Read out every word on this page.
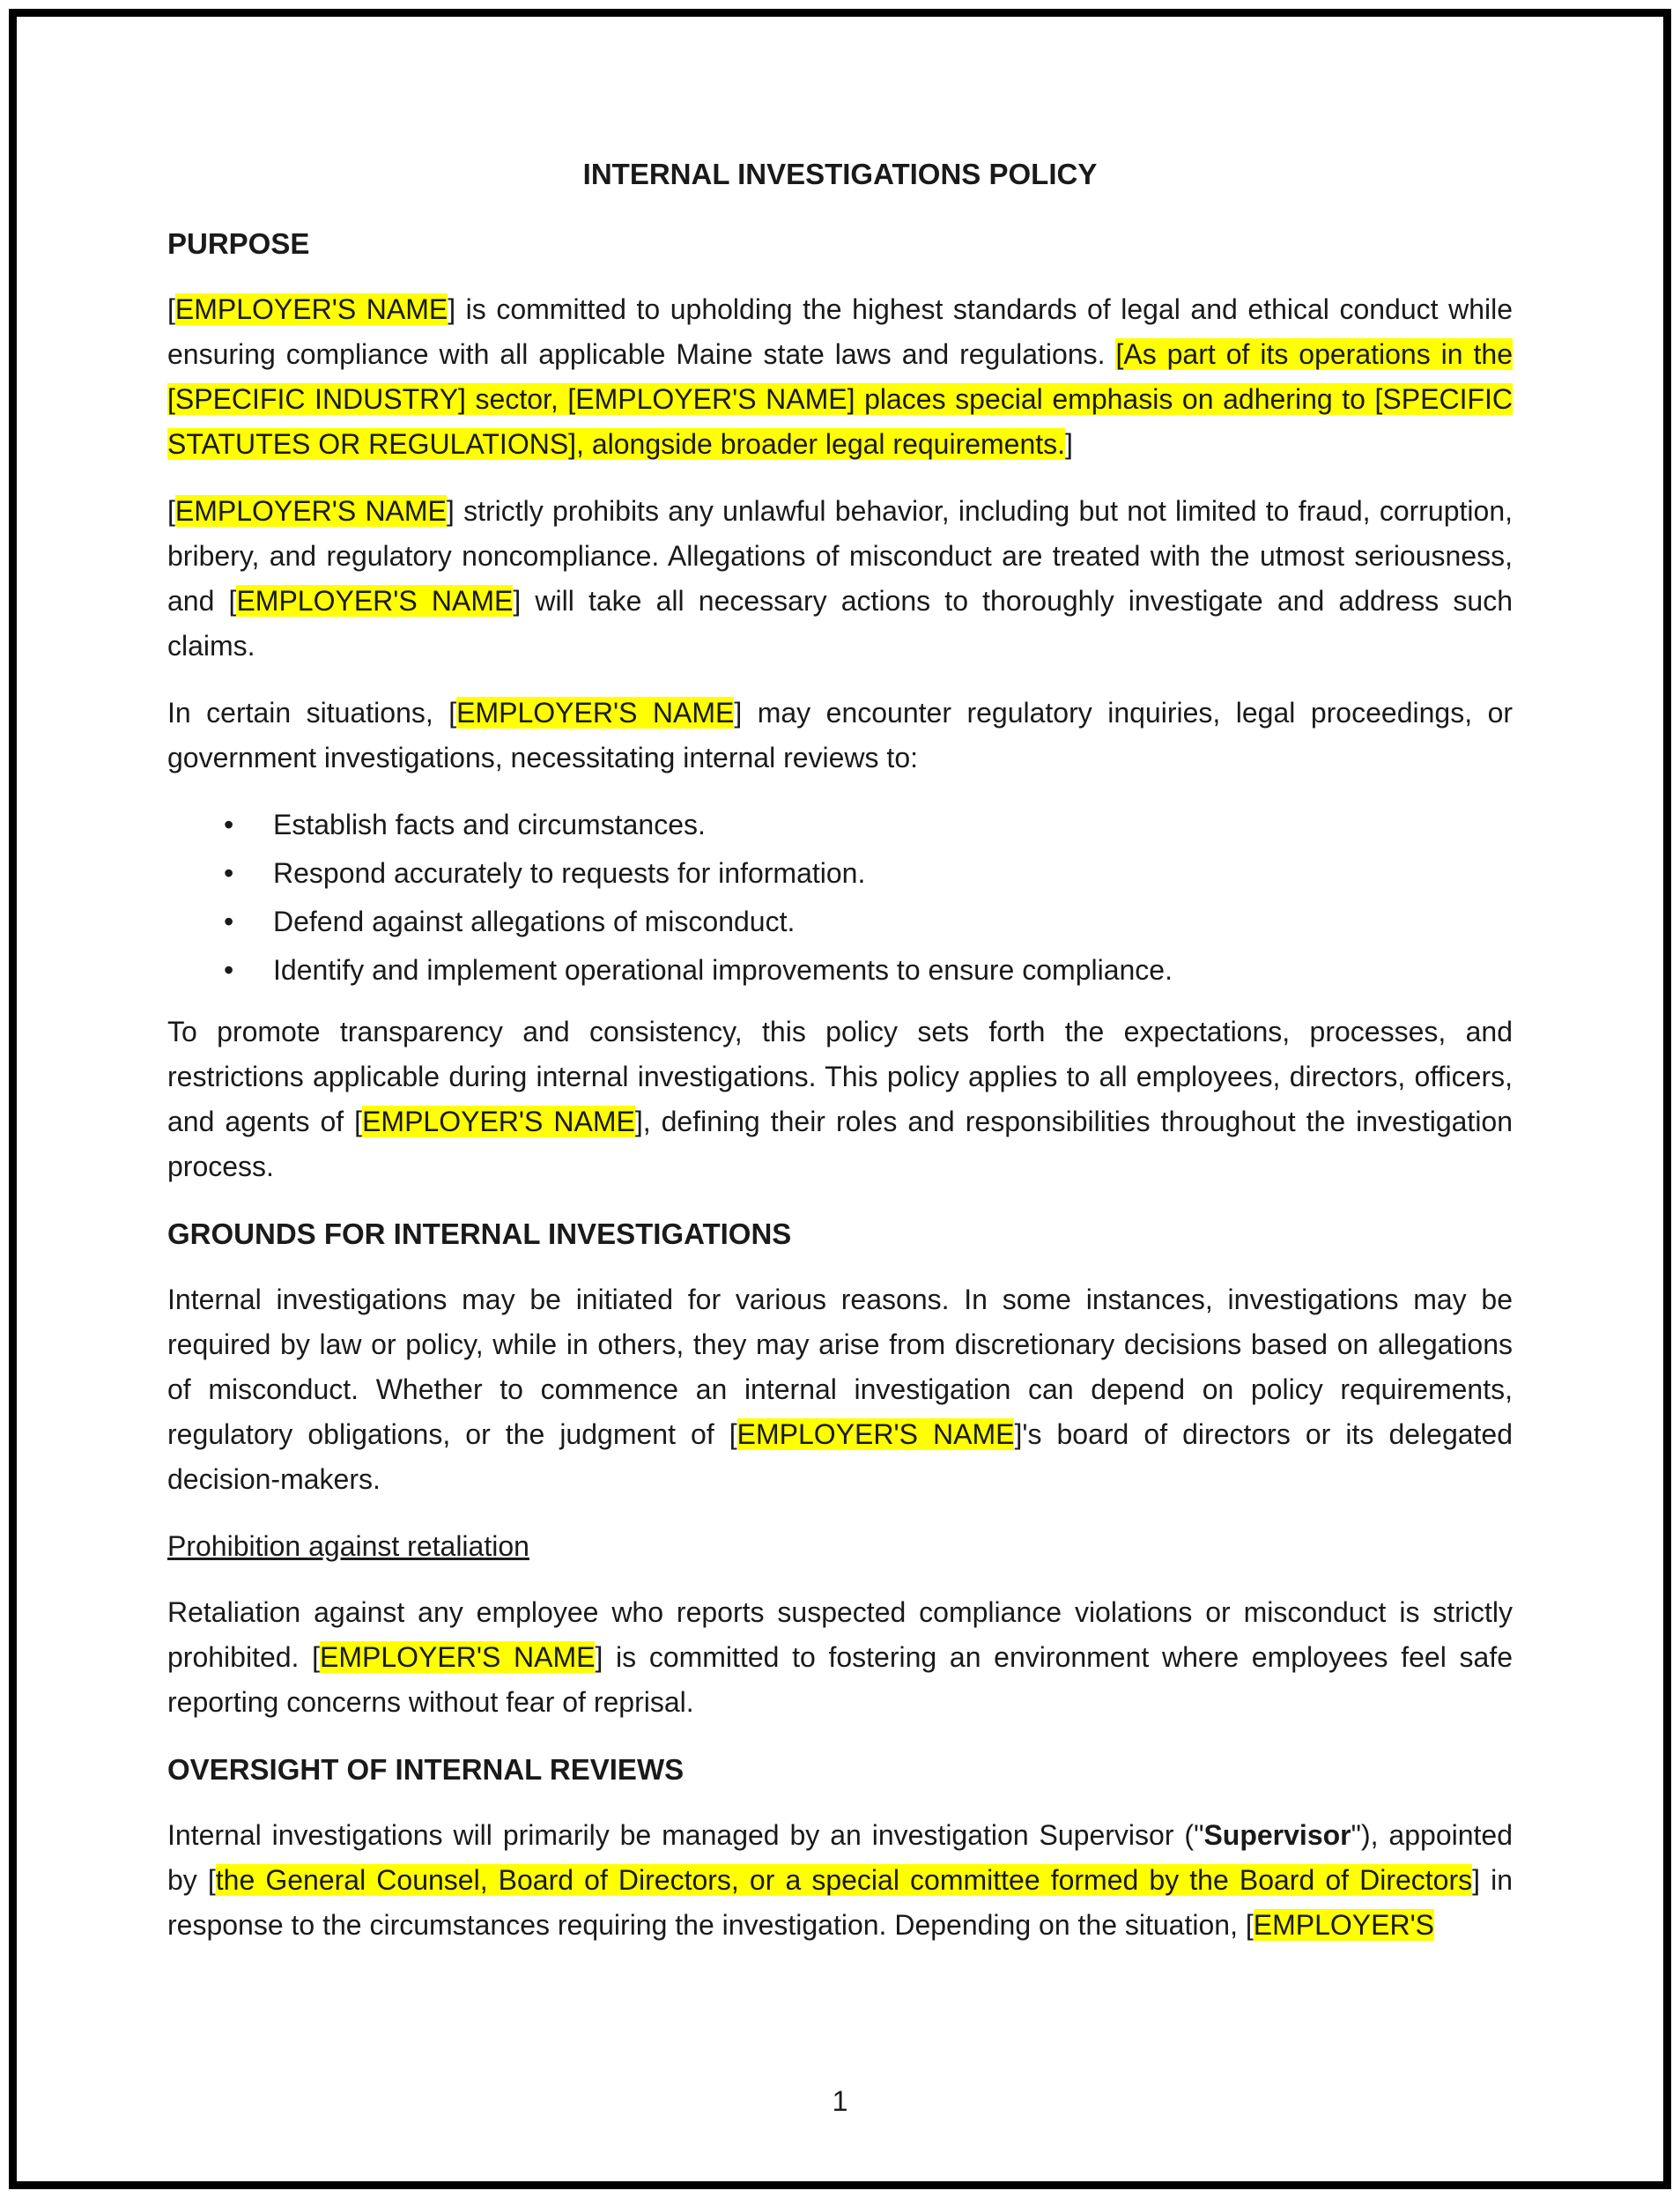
INTERNAL INVESTIGATIONS POLICY
PURPOSE

[EMPLOYER'S NAME] is committed to upholding the highest standards of legal and ethical conduct while ensuring compliance with all applicable Maine state laws and regulations. [As part of its operations in the [SPECIFIC INDUSTRY] sector, [EMPLOYER'S NAME] places special emphasis on adhering to [SPECIFIC STATUTES OR REGULATIONS], alongside broader legal requirements.]

[EMPLOYER'S NAME] strictly prohibits any unlawful behavior, including but not limited to fraud, corruption, bribery, and regulatory noncompliance. Allegations of misconduct are treated with the utmost seriousness, and [EMPLOYER'S NAME] will take all necessary actions to thoroughly investigate and address such claims.

In certain situations, [EMPLOYER'S NAME] may encounter regulatory inquiries, legal proceedings, or government investigations, necessitating internal reviews to:

• Establish facts and circumstances.
• Respond accurately to requests for information.
• Defend against allegations of misconduct.
• Identify and implement operational improvements to ensure compliance.

To promote transparency and consistency, this policy sets forth the expectations, processes, and restrictions applicable during internal investigations. This policy applies to all employees, directors, officers, and agents of [EMPLOYER'S NAME], defining their roles and responsibilities throughout the investigation process.

GROUNDS FOR INTERNAL INVESTIGATIONS

Internal investigations may be initiated for various reasons. In some instances, investigations may be required by law or policy, while in others, they may arise from discretionary decisions based on allegations of misconduct. Whether to commence an internal investigation can depend on policy requirements, regulatory obligations, or the judgment of [EMPLOYER'S NAME]'s board of directors or its delegated decision-makers.

Prohibition against retaliation

Retaliation against any employee who reports suspected compliance violations or misconduct is strictly prohibited. [EMPLOYER'S NAME] is committed to fostering an environment where employees feel safe reporting concerns without fear of reprisal.

OVERSIGHT OF INTERNAL REVIEWS

Internal investigations will primarily be managed by an investigation Supervisor ("Supervisor"), appointed by [the General Counsel, Board of Directors, or a special committee formed by the Board of Directors] in response to the circumstances requiring the investigation. Depending on the situation, [EMPLOYER'S

1
